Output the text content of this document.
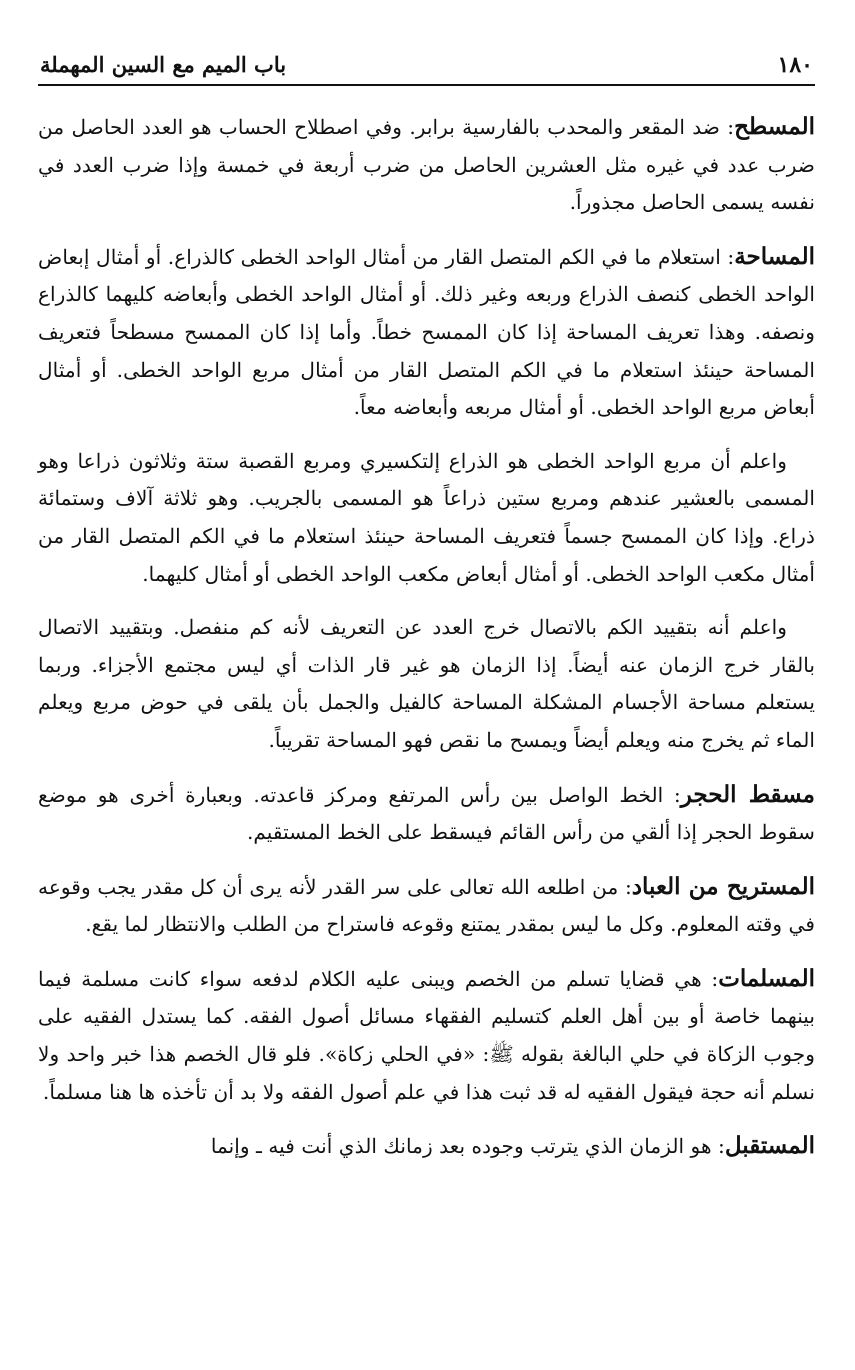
١٨٠
باب الميم مع السين المهملة

المسطح: ضد المقعر والمحدب بالفارسية برابر. وفي اصطلاح الحساب هو العدد الحاصل من ضرب عدد في غيره مثل العشرين الحاصل من ضرب أربعة في خمسة وإذا ضرب العدد في نفسه يسمى الحاصل مجذوراً.

المساحة: استعلام ما في الكم المتصل القار من أمثال الواحد الخطى كالذراع. أو أمثال إبعاض الواحد الخطى كنصف الذراع وربعه وغير ذلك. أو أمثال الواحد الخطى وأبعاضه كليهما كالذراع ونصفه. وهذا تعريف المساحة إذا كان الممسح خطاً. وأما إذا كان الممسح مسطحاً فتعريف المساحة حينئذ استعلام ما في الكم المتصل القار من أمثال مربع الواحد الخطى. أو أمثال أبعاض مربع الواحد الخطى. أو أمثال مربعه وأبعاضه معاً.

واعلم أن مربع الواحد الخطى هو الذراع إلتكسيري ومربع القصبة ستة وثلاثون ذراعا وهو المسمى بالعشير عندهم ومربع ستين ذراعاً هو المسمى بالجريب. وهو ثلاثة آلاف وستمائة ذراع. وإذا كان الممسح جسماً فتعريف المساحة حينئذ استعلام ما في الكم المتصل القار من أمثال مكعب الواحد الخطى. أو أمثال أبعاض مكعب الواحد الخطى أو أمثال كليهما.

واعلم أنه بتقييد الكم بالاتصال خرج العدد عن التعريف لأنه كم منفصل. وبتقييد الاتصال بالقار خرج الزمان عنه أيضاً. إذا الزمان هو غير قار الذات أي ليس مجتمع الأجزاء. وربما يستعلم مساحة الأجسام المشكلة المساحة كالفيل والجمل بأن يلقى في حوض مربع ويعلم الماء ثم يخرج منه ويعلم أيضاً ويمسح ما نقص فهو المساحة تقريباً.

مسقط الحجر: الخط الواصل بين رأس المرتفع ومركز قاعدته. وبعبارة أخرى هو موضع سقوط الحجر إذا ألقي من رأس القائم فيسقط على الخط المستقيم.

المستريح من العباد: من اطلعه الله تعالى على سر القدر لأنه يرى أن كل مقدر يجب وقوعه في وقته المعلوم. وكل ما ليس بمقدر يمتنع وقوعه فاستراح من الطلب والانتظار لما يقع.

المسلمات: هي قضايا تسلم من الخصم ويبنى عليه الكلام لدفعه سواء كانت مسلمة فيما بينهما خاصة أو بين أهل العلم كتسليم الفقهاء مسائل أصول الفقه. كما يستدل الفقيه على وجوب الزكاة في حلي البالغة بقوله ﷺ: «في الحلي زكاة». فلو قال الخصم هذا خبر واحد ولا نسلم أنه حجة فيقول الفقيه له قد ثبت هذا في علم أصول الفقه ولا بد أن تأخذه ها هنا مسلماً.

المستقبل: هو الزمان الذي يترتب وجوده بعد زمانك الذي أنت فيه ـ وإنما
